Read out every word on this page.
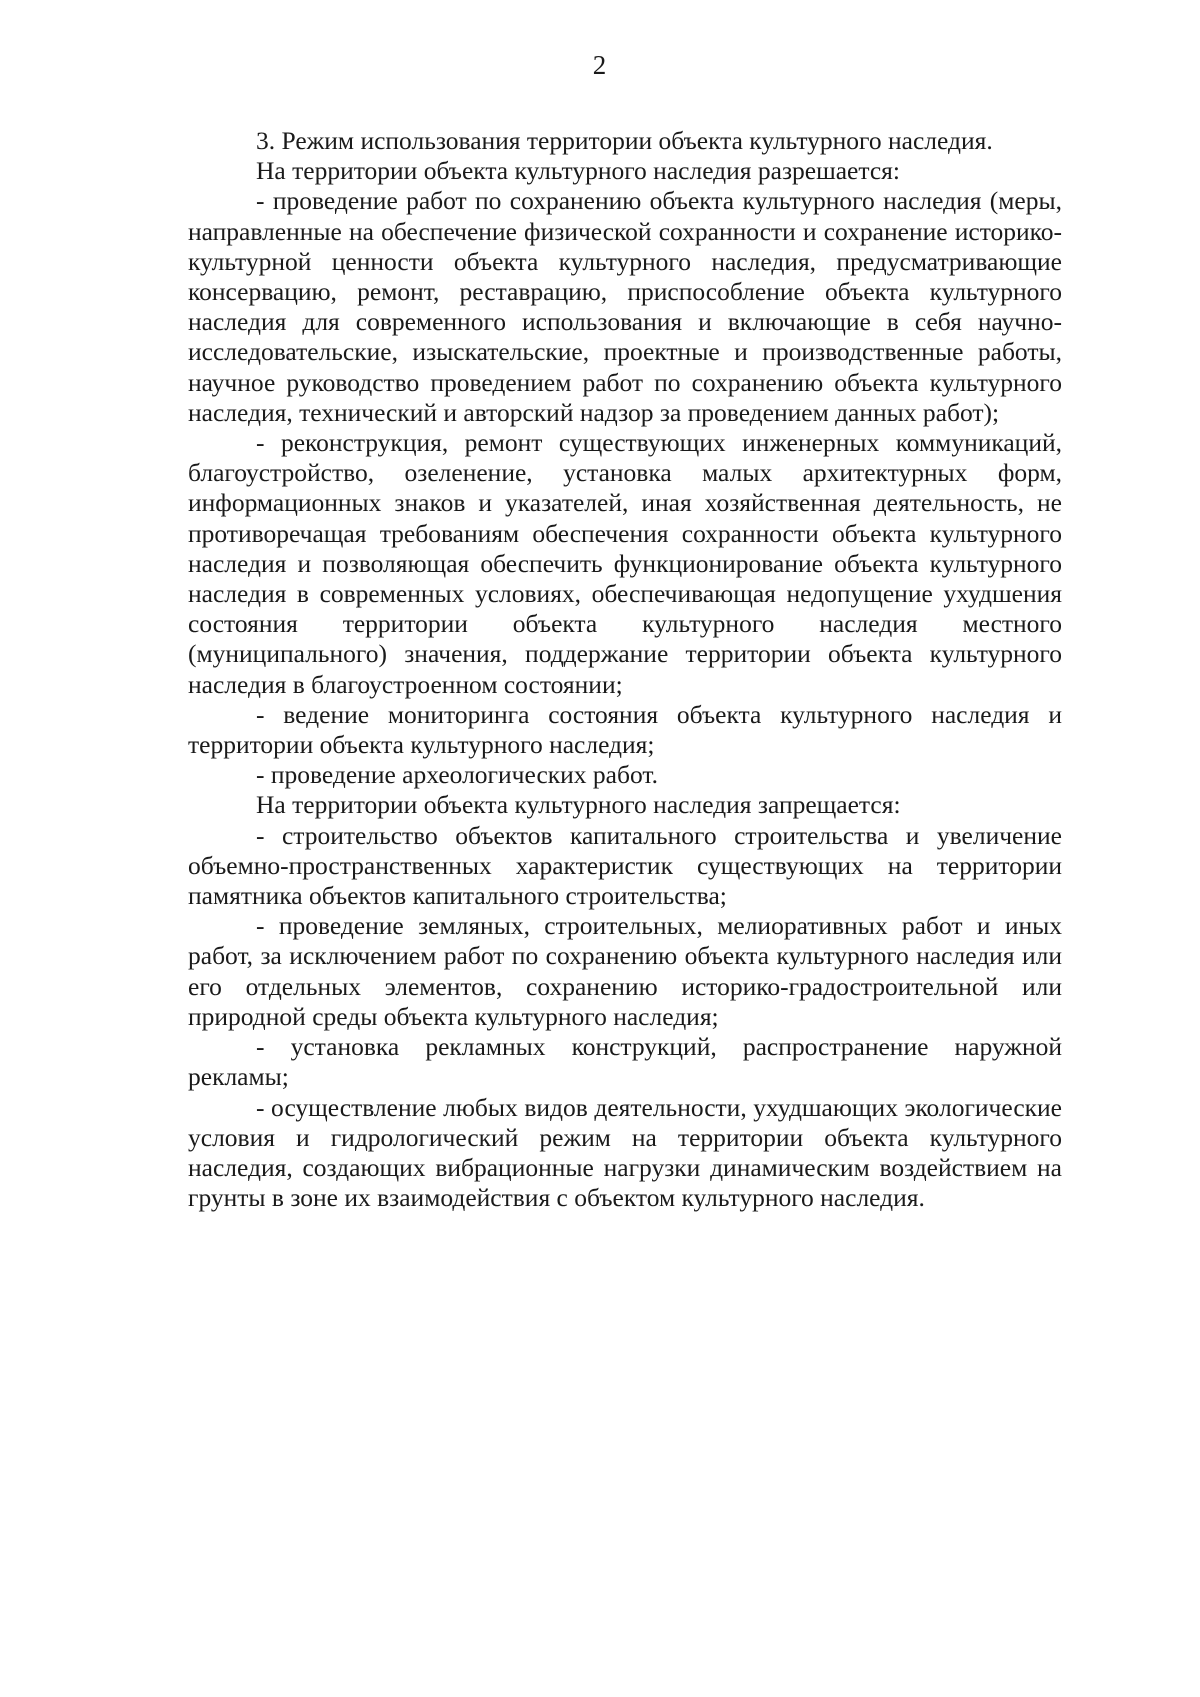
2

3. Режим использования территории объекта культурного наследия.

На территории объекта культурного наследия разрешается:

- проведение работ по сохранению объекта культурного наследия (меры, направленные на обеспечение физической сохранности и сохранение историко-культурной ценности объекта культурного наследия, предусматривающие консервацию, ремонт, реставрацию, приспособление объекта культурного наследия для современного использования и включающие в себя научно-исследовательские, изыскательские, проектные и производственные работы, научное руководство проведением работ по сохранению объекта культурного наследия, технический и авторский надзор за проведением данных работ);

- реконструкция, ремонт существующих инженерных коммуникаций, благоустройство, озеленение, установка малых архитектурных форм, информационных знаков и указателей, иная хозяйственная деятельность, не противоречащая требованиям обеспечения сохранности объекта культурного наследия и позволяющая обеспечить функционирование объекта культурного наследия в современных условиях, обеспечивающая недопущение ухудшения состояния территории объекта культурного наследия местного (муниципального) значения, поддержание территории объекта культурного наследия в благоустроенном состоянии;

- ведение мониторинга состояния объекта культурного наследия и территории объекта культурного наследия;

- проведение археологических работ.

На территории объекта культурного наследия запрещается:

- строительство объектов капитального строительства и увеличение объемно-пространственных характеристик существующих на территории памятника объектов капитального строительства;

- проведение земляных, строительных, мелиоративных работ и иных работ, за исключением работ по сохранению объекта культурного наследия или его отдельных элементов, сохранению историко-градостроительной или природной среды объекта культурного наследия;

- установка рекламных конструкций, распространение наружной рекламы;

- осуществление любых видов деятельности, ухудшающих экологические условия и гидрологический режим на территории объекта культурного наследия, создающих вибрационные нагрузки динамическим воздействием на грунты в зоне их взаимодействия с объектом культурного наследия.
